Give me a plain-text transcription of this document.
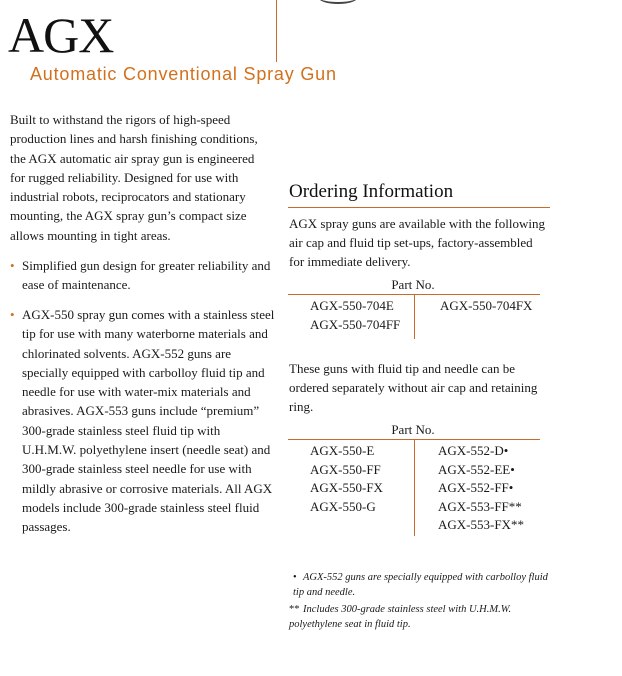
AGX
Automatic Conventional Spray Gun
Built to withstand the rigors of high-speed production lines and harsh finishing conditions, the AGX automatic air spray gun is engineered for rugged reliability. Designed for use with industrial robots, reciprocators and stationary mounting, the AGX spray gun’s compact size allows mounting in tight areas.
• Simplified gun design for greater reliability and ease of maintenance.
• AGX-550 spray gun comes with a stainless steel tip for use with many waterborne materials and chlorinated solvents. AGX-552 guns are specially equipped with carbolloy fluid tip and needle for use with water-mix materials and abrasives. AGX-553 guns include “premium” 300-grade stainless steel fluid tip with U.H.M.W. polyethylene insert (needle seat) and 300-grade stainless steel needle for use with mildly abrasive or corrosive materials. All AGX models include 300-grade stainless steel fluid passages.
Ordering Information
AGX spray guns are available with the following air cap and fluid tip set-ups, factory-assembled for immediate delivery.
Part No.
AGX-550-704E
AGX-550-704FF
AGX-550-704FX
These guns with fluid tip and needle can be ordered separately without air cap and retaining ring.
Part No.
AGX-550-E
AGX-550-FF
AGX-550-FX
AGX-550-G
AGX-552-D•
AGX-552-EE•
AGX-552-FF•
AGX-553-FF**
AGX-553-FX**
• AGX-552 guns are specially equipped with carbolloy fluid tip and needle.
** Includes 300-grade stainless steel with U.H.M.W. polyethylene seat in fluid tip.
